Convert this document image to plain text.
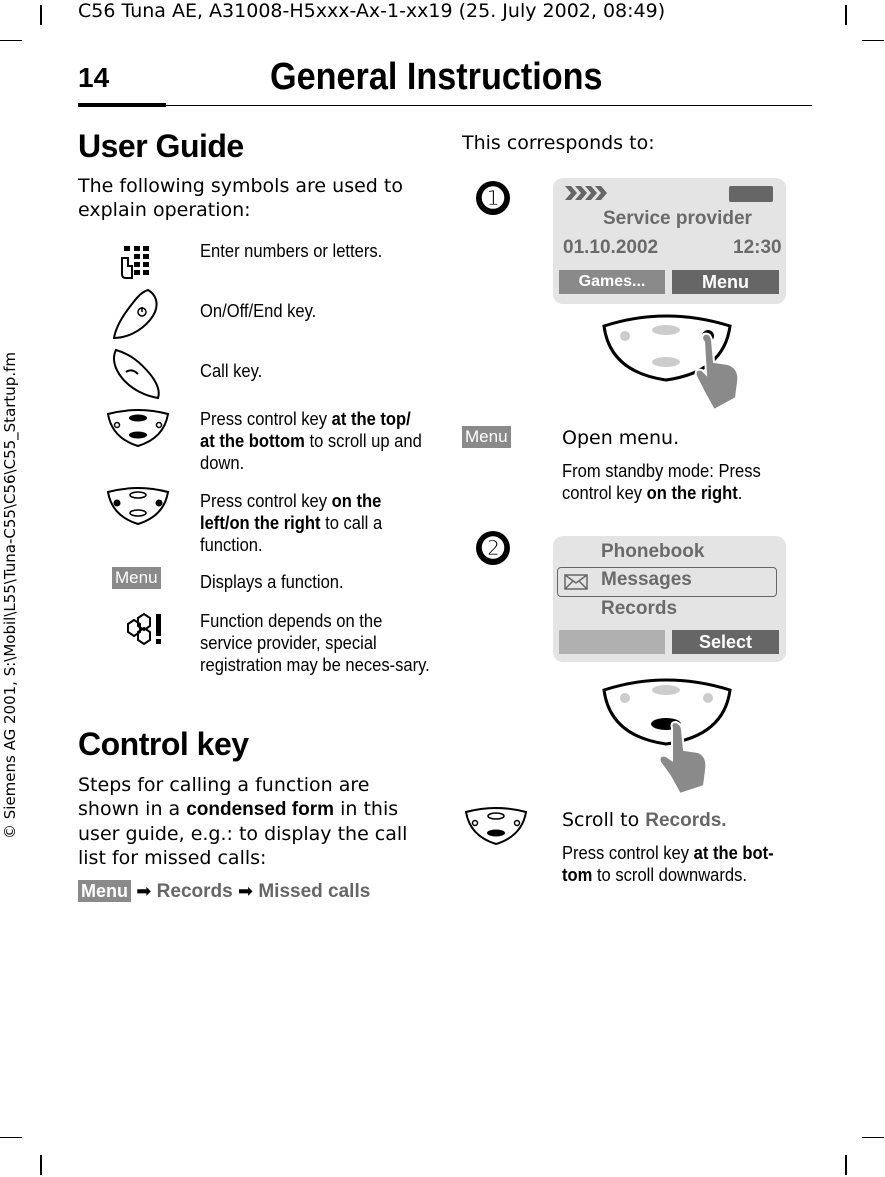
C56 Tuna AE, A31008-H5xxx-Ax-1-xx19 (25. July 2002, 08:49)
© Siemens AG 2001, S:\Mobil\L55\Tuna-C55\C56\C55_Startup.fm
14	General Instructions
User Guide
The following symbols are used to explain operation:
Enter numbers or letters.
On/Off/End key.
Call key.
Press control key at the top/ at the bottom to scroll up and down.
Press control key on the left/on the right to call a function.
Menu Displays a function.
Function depends on the service provider, special registration may be neces-sary.
Control key
Steps for calling a function are shown in a condensed form in this user guide, e.g.: to display the call list for missed calls:
Menu ➡ Records ➡ Missed calls
This corresponds to:
➊
Service provider
01.10.2002	12:30
Games...	Menu
Menu	Open menu.
From standby mode: Press control key on the right.
➋	Phonebook
Messages
Records
Select
Scroll to Records.
Press control key at the bot-tom to scroll downwards.
